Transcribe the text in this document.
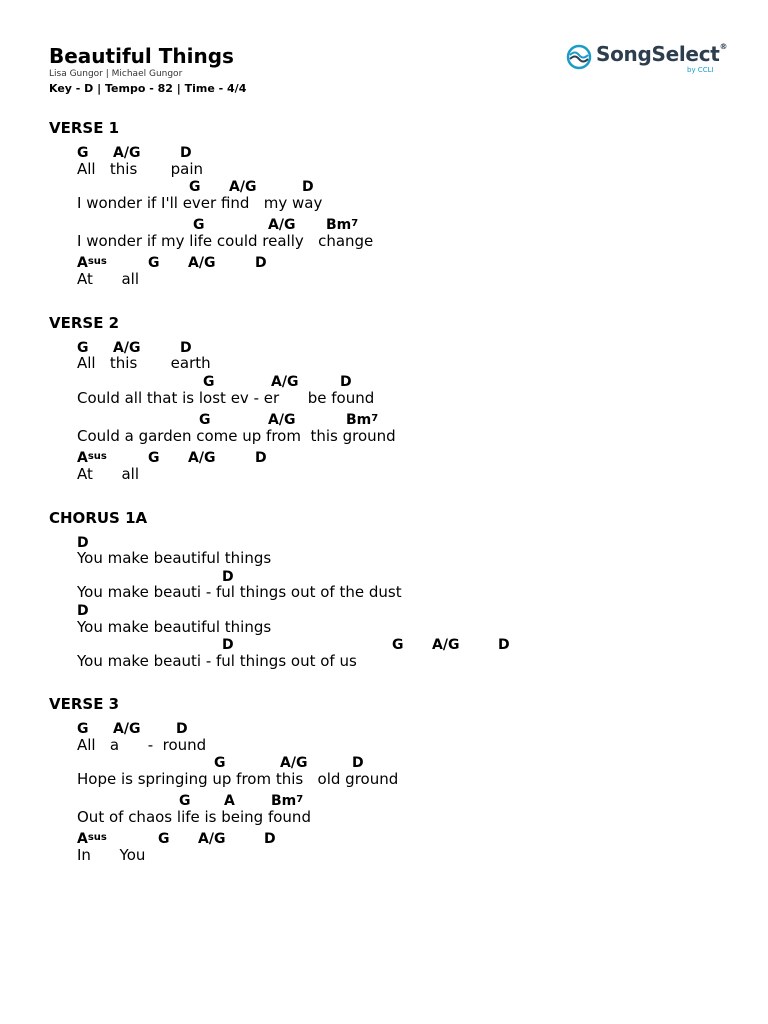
Beautiful Things
Lisa Gungor | Michael Gungor
Key - D | Tempo - 82 | Time - 4/4
SongSelect®
by CCLI
VERSE 1
G A/G	D
All   this       pain
G A/G	D
I wonder if I'll ever find   my way
G	A/G Bm$^7$
I wonder if my life could really   change
$A^{sus}$	G A/G	D
At      all
VERSE 2
G A/G	D
All   this       earth
G	A/G	D
Could all that is lost ev - er      be found
G	A/G	Bm$^7$
Could a garden come up from  this ground
$A^{sus}$	G A/G	D
At      all
CHORUS 1A
D
You make beautiful things
D
You make beauti - ful things out of the dust
D
You make beautiful things
D	G A/G	D
You make beauti - ful things out of us
VERSE 3
G A/G	D
All   a      -  round
G	A/G	D
Hope is springing up from this   old ground
G A	Bm$^7$
Out of chaos life is being found
$A^{sus}$	G A/G	D
In      You
